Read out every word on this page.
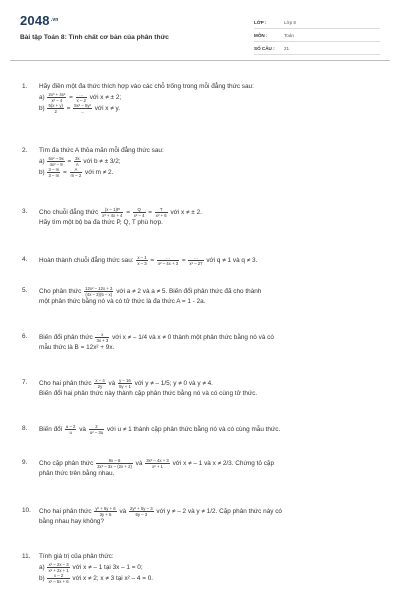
$2048^{.vn}$
Bài tập Toán 8: Tính chất cơ bản của phân thức
LỚP :	Lớp 8
MÔN :	Toán
SỐ CÂU :	21
1.	Hãy điền một đa thức thích hợp vào các chỗ trống trong mỗi đẳng thức sau:
$a) \frac{\text{2x³ + 4x²}}{\text{x² – 4}} = \frac{\dots}{x - 2}$ với x ≠ ± 2;
$b) \frac{5(x + y)}{2} = \frac{\text{5x² – 5y²}}{\dots}$ với x ≠ y.
2.	Tìm đa thức A thỏa mãn mỗi đẳng thức sau:
$a) \frac{\text{6x² – 9x}}{\text{4x² – 9}} = \frac{3x}{A}$ với b ≠ ± 3/2;
$b) \frac{3 - m}{3 - m} = \frac{A}{m - 2}$ với m ≠ 2.
3.	Cho chuỗi đẳng thức $\frac{(x - 1)P}{\text{x³ + 4x + 4}} = \frac{Q}{\text{x² – 4}} = \frac{T}{\text{x² + 6}}$ với x ≠ ± 2.
Hãy tìm một bộ ba đa thức P, Q, T phù hợp.
4.	Hoàn thành chuỗi đẳng thức sau: $\frac{x - 1}{x - 3} = \frac{\dots}{\text{x² – 4x + 3}} = \frac{\dots}{\text{x² – 27}}$ với q ≠ 1 và q ≠ 3.
5.	Cho phân thức $\frac{\text{12x² – 12x + 3}}{(4x - 3)(5 - x)}$ với a ≠ 2 và a ≠ 5. Biến đổi phân thức đã cho thành
một phân thức bằng nó và có tử thức là đa thức A = 1 - 2a.
6.	Biến đổi phân thức $\frac{x}{3x + 3}$ với x ≠ – 1/4 và x ≠ 0 thành một phân thức bằng nó và có
mẫu thức là B = 12x² + 9x.
7.	Cho hai phân thức $\frac{x - 4}{2y}$ và $\frac{y - 16}{5y + 1}$ với y ≠ – 1/5; y ≠ 0 và y ≠ 4.
Biến đổi hai phân thức này thành cặp phân thức bằng nó và có cùng tử thức.
8.	Biến đổi $\frac{u - 2}{u}$ và $\frac{2}{\text{u² – 3u}}$ với u ≠ 1 thành cặp phân thức bằng nó và có cùng mẫu thức.
9.	Cho cặp phân thức $\frac{9x - 6}{\text{3x³ – 3x – (2x + 2)}}$ và $\frac{\text{3x² – 4x + 3}}{\text{x² + 1}}$ với x ≠ – 1 và x ≠ 2/3. Chứng tỏ cặp
phân thức trên bằng nhau.
10.	Cho hai phân thức $\frac{\text{y² + 5y + 6}}{3y + 6}$ và $\frac{\text{2y² + 5y – 3}}{6y - 3}$ với y ≠ – 2 và y ≠ 1/2. Cặp phân thức này có
bằng nhau hay không?
11.	Tính giá trị của phân thức:
$a) \frac{\text{x² – 2x – 3}}{\text{x² + 2x + 1}}$ với x ≠ – 1 tại 3x – 1 = 0;
$b) \frac{x - 2}{\text{x² – 5x + 6}}$ với x ≠ 2; x ≠ 3 tại x² – 4 = 0.
